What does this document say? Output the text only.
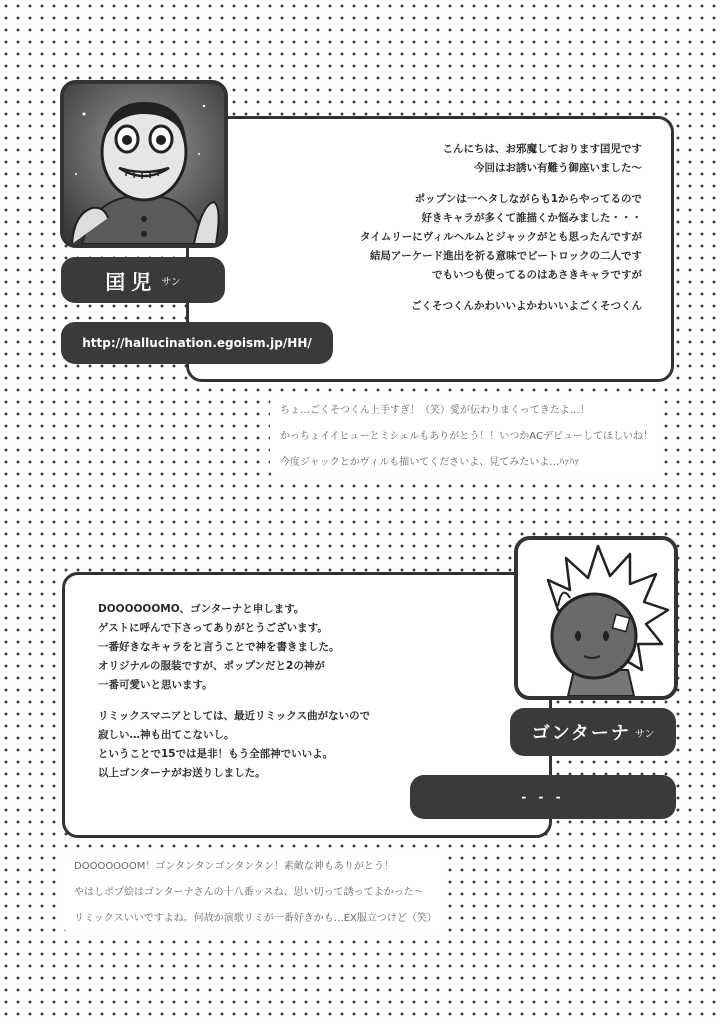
囯児 サン
http://hallucination.egoism.jp/HH/
こんにちは、お邪魔しております囯児です
今回はお誘い有難う御座いました～
ポップンは一ヘタしながらも1からやってるので
好きキャラが多くて誰描くか悩みました・・・
タイムリーにヴィルヘルムとジャックがとも思ったんですが
結局アーケード進出を祈る意味でビートロックの二人です
でもいつも使ってるのはあさきキャラですが
ごくそつくんかわいいよかわいいよごくそつくん
ちょ…ごくそつくん上手すぎ！（笑）愛が伝わりまくってきたよ…！
かっちょイイヒューとミシェルもありがとう！！いつかACデビューしてほしいね！
今度ジャックとかヴィルも描いてくださいよ、見てみたいよ…ﾊｧﾊｧ
ゴンターナ サン
- - -
DOOOOOOMO、ゴンターナと申します。
ゲストに呼んで下さってありがとうございます。
一番好きなキャラをと言うことで神を書きました。
オリジナルの服装ですが、ポップンだと2の神が
一番可愛いと思います。
リミックスマニアとしては、最近リミックス曲がないので
寂しい…神も出てこないし。
ということで15では是非！もう全部神でいいよ。
以上ゴンターナがお送りしました。
DOOOOOOOM！ゴンタンタンゴンタンタン！素敵な神もありがとう！
やはしポプ絵はゴンターナさんの十八番ッスね、思い切って誘ってよかった～
リミックスいいですよね。何故か演歌リミが一番好きかも…EX服立つけど（笑）
